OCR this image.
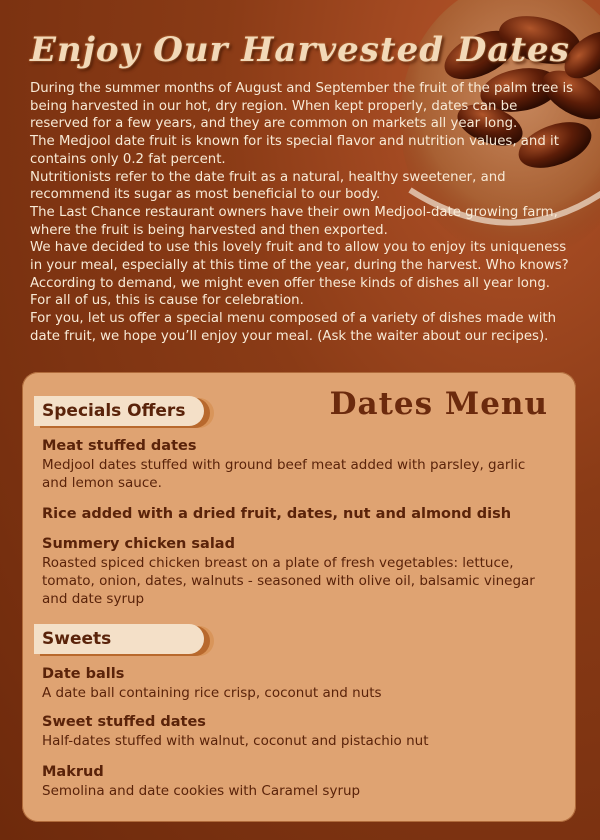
Enjoy Our Harvested Dates

During the summer months of August and September the fruit of the palm tree is being harvested in our hot, dry region. When kept properly, dates can be reserved for a few years, and they are common on markets all year long.

The Medjool date fruit is known for its special flavor and nutrition values, and it contains only 0.2 fat percent.

Nutritionists refer to the date fruit as a natural, healthy sweetener, and recommend its sugar as most beneficial to our body.

The Last Chance restaurant owners have their own Medjool-date growing farm, where the fruit is being harvested and then exported.

We have decided to use this lovely fruit and to allow you to enjoy its uniqueness in your meal, especially at this time of the year, during the harvest. Who knows? According to demand, we might even offer these kinds of dishes all year long.

For all of us, this is cause for celebration.

For you, let us offer a special menu composed of a variety of dishes made with date fruit, we hope you’ll enjoy your meal. (Ask the waiter about our recipes).

Dates Menu
Specials Offers

Meat stuffed dates

Medjool dates stuffed with ground beef meat added with parsley, garlic and lemon sauce.

Rice added with a dried fruit, dates, nut and almond dish

Summery chicken salad

Roasted spiced chicken breast on a plate of fresh vegetables: lettuce, tomato, onion, dates, walnuts - seasoned with olive oil, balsamic vinegar and date syrup

Sweets

Date balls

A date ball containing rice crisp, coconut and nuts

Sweet stuffed dates

Half-dates stuffed with walnut, coconut and pistachio nut

Makrud

Semolina and date cookies with Caramel syrup
